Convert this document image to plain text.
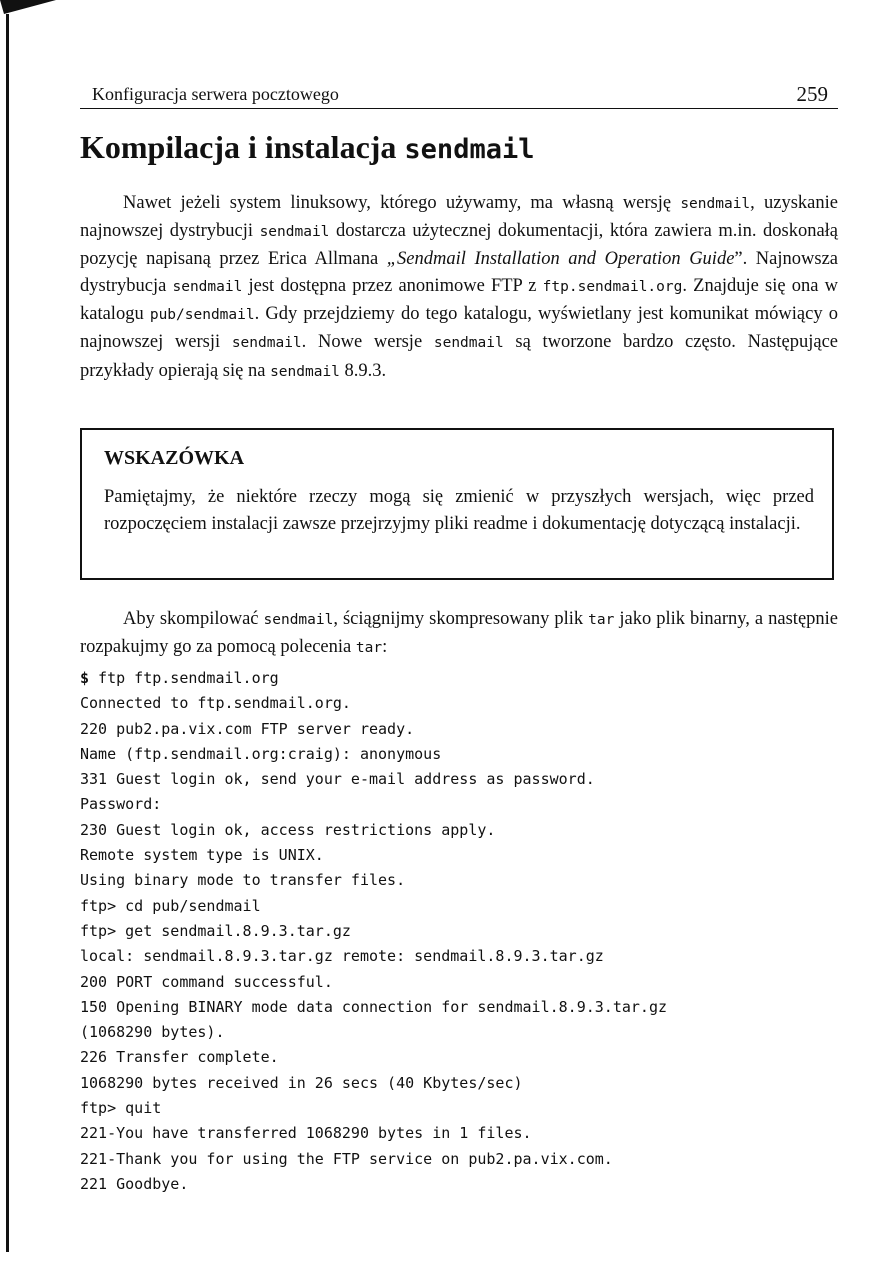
Konfiguracja serwera pocztowego	259
Kompilacja i instalacja sendmail

Nawet jeżeli system linuksowy, którego używamy, ma własną wersję sendmail, uzyskanie najnowszej dystrybucji sendmail dostarcza użytecznej dokumentacji, która zawiera m.in. doskonałą pozycję napisaną przez Erica Allmana „Sendmail Installation and Operation Guide”. Najnowsza dystrybucja sendmail jest dostępna przez anonimowe FTP z ftp.sendmail.org. Znajduje się ona w katalogu pub/sendmail. Gdy przejdziemy do tego katalogu, wyświetlany jest komunikat mówiący o najnowszej wersji sendmail. Nowe wersje sendmail są tworzone bardzo często. Następujące przykłady opierają się na sendmail 8.9.3.

WSKAZÓWKA

Pamiętajmy, że niektóre rzeczy mogą się zmienić w przyszłych wersjach, więc przed rozpoczęciem instalacji zawsze przejrzyjmy pliki readme i dokumentację dotyczącą instalacji.

Aby skompilować sendmail, ściągnijmy skompresowany plik tar jako plik binarny, a następnie rozpakujmy go za pomocą polecenia tar:

$ ftp ftp.sendmail.org
Connected to ftp.sendmail.org.
220 pub2.pa.vix.com FTP server ready.
Name (ftp.sendmail.org:craig): anonymous
331 Guest login ok, send your e-mail address as password.
Password:
230 Guest login ok, access restrictions apply.
Remote system type is UNIX.
Using binary mode to transfer files.
ftp> cd pub/sendmail
ftp> get sendmail.8.9.3.tar.gz
local: sendmail.8.9.3.tar.gz remote: sendmail.8.9.3.tar.gz
200 PORT command successful.
150 Opening BINARY mode data connection for sendmail.8.9.3.tar.gz
(1068290 bytes).
226 Transfer complete.
1068290 bytes received in 26 secs (40 Kbytes/sec)
ftp> quit
221-You have transferred 1068290 bytes in 1 files.
221-Thank you for using the FTP service on pub2.pa.vix.com.
221 Goodbye.
